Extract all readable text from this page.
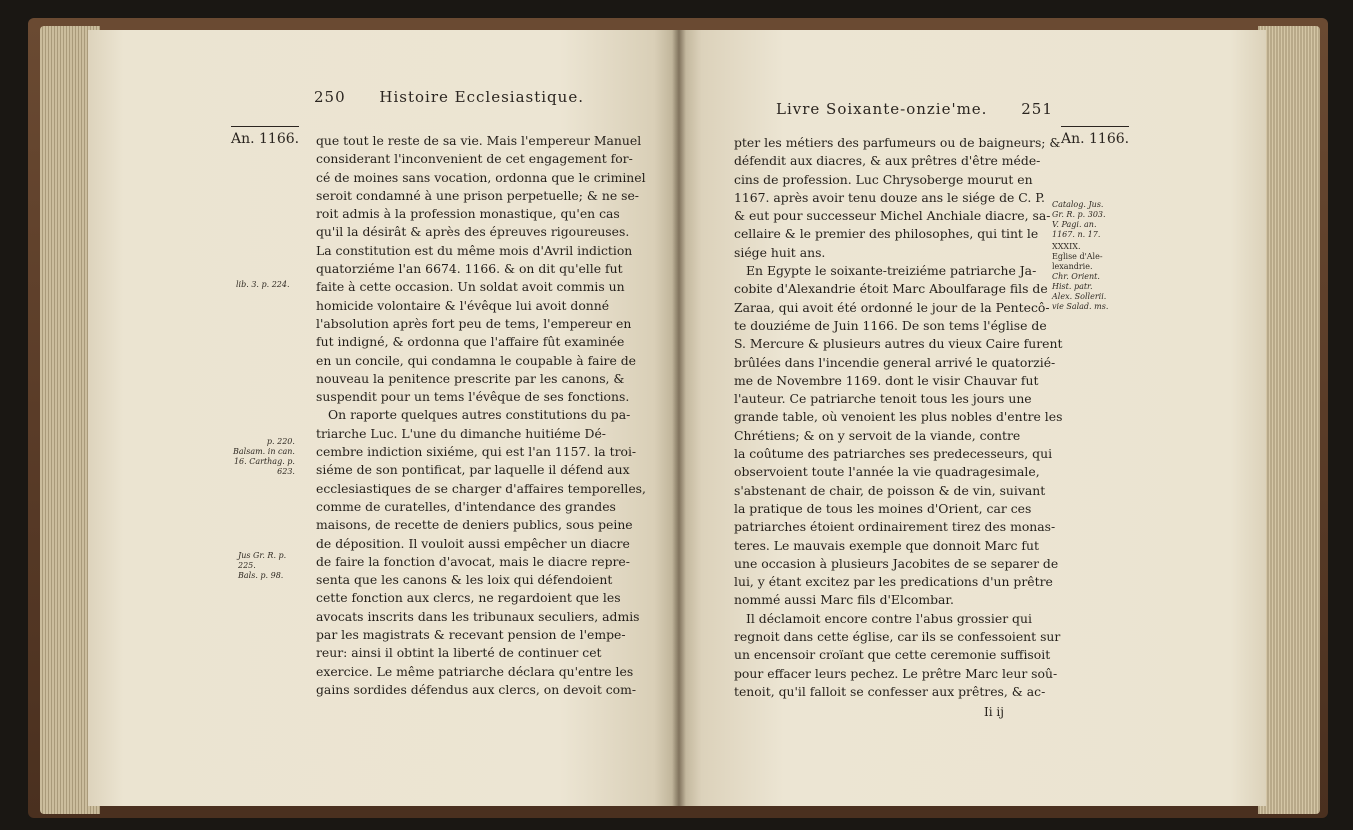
250 Histoire Ecclesiastique.
An. 1166. que tout le reste de sa vie. Mais l'empereur Manuel
considerant l'inconvenient de cet engagement for-
cé de moines sans vocation, ordonna que le criminel
seroit condamné à une prison perpetuelle; & ne se-
roit admis à la profession monastique, qu'en cas
qu'il la désirât & après des épreuves rigoureuses.
La constitution est du même mois d'Avril indiction
quatorziéme l'an 6674. 1166. & on dit qu'elle fut
faite à cette occasion. Un soldat avoit commis un
homicide volontaire & l'évêque lui avoit donné
l'absolution après fort peu de tems, l'empereur en
fut indigné, & ordonna que l'affaire fût examinée
en un concile, qui condamna le coupable à faire de
nouveau la penitence prescrite par les canons, &
suspendit pour un tems l'évêque de ses fonctions.
On raporte quelques autres constitutions du pa-
triarche Luc. L'une du dimanche huitiéme Dé-
cembre indiction sixiéme, qui est l'an 1157. la troi-
siéme de son pontificat, par laquelle il défend aux
ecclesiastiques de se charger d'affaires temporelles,
comme de curatelles, d'intendance des grandes
maisons, de recette de deniers publics, sous peine
de déposition. Il vouloit aussi empêcher un diacre
de faire la fonction d'avocat, mais le diacre repre-
senta que les canons & les loix qui défendoient
cette fonction aux clercs, ne regardoient que les
avocats inscrits dans les tribunaux seculiers, admis
par les magistrats & recevant pension de l'empe-
reur: ainsi il obtint la liberté de continuer cet
exercice. Le même patriarche déclara qu'entre les
gains sordides défendus aux clercs, on devoit com-
lib. 3. p. 224.
p. 220.
Balsam. in can.
16. Carthag. p.
623.
Jus Gr. R. p.
225.
Bals. p. 98.
Livre Soixante-onzie'me. 251
An. 1166.
pter les métiers des parfumeurs ou de baigneurs; &
défendit aux diacres, & aux prêtres d'être méde-
cins de profession. Luc Chrysoberge mourut en
1167. après avoir tenu douze ans le siége de C. P.
& eut pour successeur Michel Anchiale diacre, sa-
cellaire & le premier des philosophes, qui tint le
siége huit ans.
En Egypte le soixante-treiziéme patriarche Ja-
cobite d'Alexandrie étoit Marc Aboulfarage fils de
Zaraa, qui avoit été ordonné le jour de la Pentecô-
te douziéme de Juin 1166. De son tems l'église de
S. Mercure & plusieurs autres du vieux Caire furent
brûlées dans l'incendie general arrivé le quatorzié-
me de Novembre 1169. dont le visir Chauvar fut
l'auteur. Ce patriarche tenoit tous les jours une
grande table, où venoient les plus nobles d'entre les
Chrétiens; & on y servoit de la viande, contre
la coûtume des patriarches ses predecesseurs, qui
observoient toute l'année la vie quadragesimale,
s'abstenant de chair, de poisson & de vin, suivant
la pratique de tous les moines d'Orient, car ces
patriarches étoient ordinairement tirez des monas-
teres. Le mauvais exemple que donnoit Marc fut
une occasion à plusieurs Jacobites de se separer de
lui, y étant excitez par les predications d'un prêtre
nommé aussi Marc fils d'Elcombar.
Il déclamoit encore contre l'abus grossier qui
regnoit dans cette église, car ils se confessoient sur
un encensoir croïant que cette ceremonie suffisoit
pour effacer leurs pechez. Le prêtre Marc leur soû-
tenoit, qu'il falloit se confesser aux prêtres, & ac-
Ii ij
Catalog. Jus.
Gr. R. p. 303.
V. Pagi. an.
1167. n. 17.
XXXIX.
Eglise d'Ale-
lexandrie.
Chr. Orient.
Hist. patr.
Alex. Sollerii.
vie Salad. ms.
